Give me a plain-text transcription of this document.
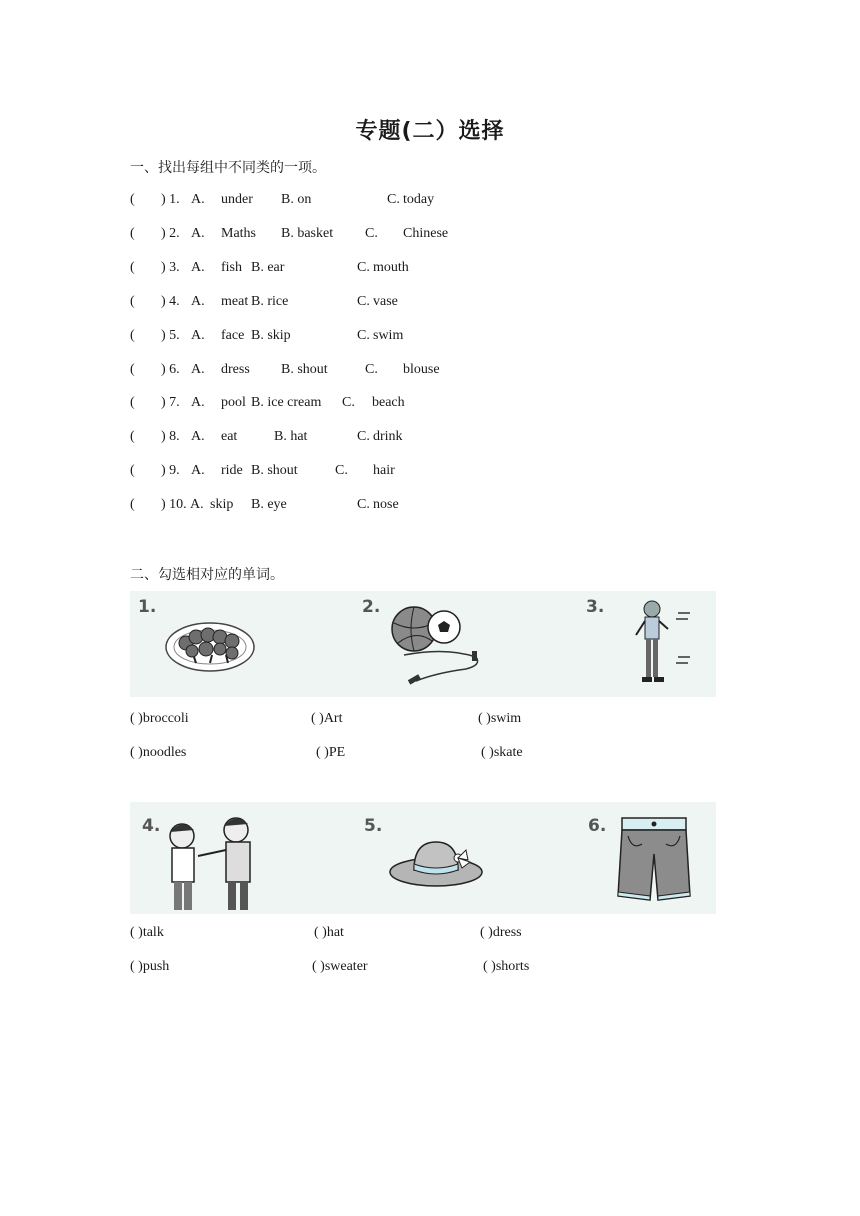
专题(二）选择
一、找出每组中不同类的一项。
( ) 1. A. under B. on	C. today
( ) 2. A. Maths B. basket C. Chinese
( ) 3. A. fish B. ear	C. mouth
( ) 4. A. meat B. rice	C. vase
( ) 5. A. face B. skip	C. swim
( ) 6. A. dress B. shout	C. blouse
( ) 7. A. pool B. ice cream C. beach
( ) 8. A. eat	B. hat	C. drink
( ) 9. A. ride B. shout	C. hair
( ) 10. A. skip B. eye	C. nose
二、勾选相对应的单词。
1.	2.	3.
( )broccoli	( )Art	( )swim
( )noodles	( )PE	( )skate
4.	5.	6.
( )talk	( )hat	( )dress
( )push	( )sweater	( )shorts
